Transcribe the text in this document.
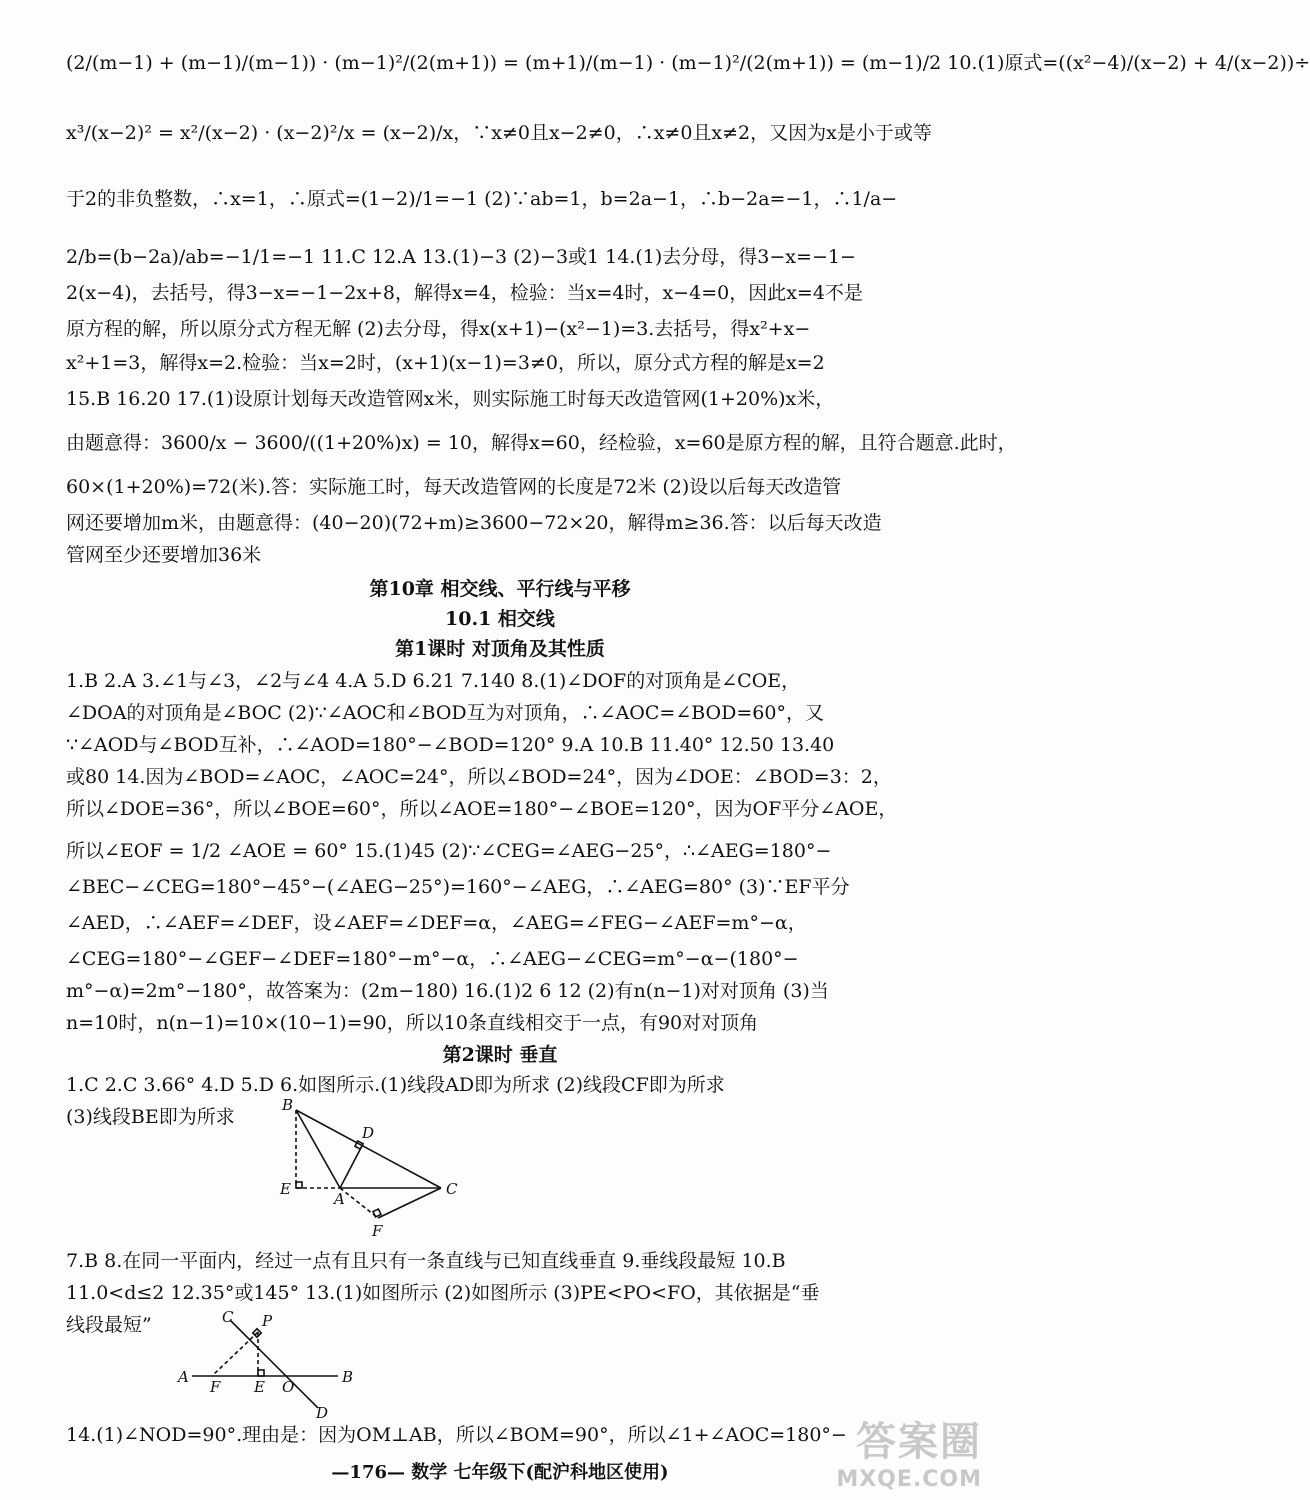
(2/(m−1) + (m−1)/(m−1)) · (m−1)²/(2(m+1)) = (m+1)/(m−1) · (m−1)²/(2(m+1)) = (m−1)/2 10.(1)原式=((x²−4)/(x−2) + 4/(x−2))÷
x³/(x−2)² = x²/(x−2) · (x−2)²/x = (x−2)/x，∵x≠0且x−2≠0，∴x≠0且x≠2，又因为x是小于或等
于2的非负整数，∴x=1，∴原式=(1−2)/1=−1 (2)∵ab=1，b=2a−1，∴b−2a=−1，∴1/a−
2/b=(b−2a)/ab=−1/1=−1 11.C 12.A 13.(1)−3 (2)−3或1 14.(1)去分母，得3−x=−1−
2(x−4)，去括号，得3−x=−1−2x+8，解得x=4，检验：当x=4时，x−4=0，因此x=4不是
原方程的解，所以原分式方程无解 (2)去分母，得x(x+1)−(x²−1)=3.去括号，得x²+x−
x²+1=3，解得x=2.检验：当x=2时，(x+1)(x−1)=3≠0，所以，原分式方程的解是x=2
15.B 16.20 17.(1)设原计划每天改造管网x米，则实际施工时每天改造管网(1+20%)x米，
由题意得：3600/x − 3600/((1+20%)x) = 10，解得x=60，经检验，x=60是原方程的解，且符合题意.此时，
60×(1+20%)=72(米).答：实际施工时，每天改造管网的长度是72米 (2)设以后每天改造管
网还要增加m米，由题意得：(40−20)(72+m)≥3600−72×20，解得m≥36.答：以后每天改造
管网至少还要增加36米
第10章 相交线、平行线与平移
10.1 相交线
第1课时 对顶角及其性质
1.B 2.A 3.∠1与∠3，∠2与∠4 4.A 5.D 6.21 7.140 8.(1)∠DOF的对顶角是∠COE，
∠DOA的对顶角是∠BOC (2)∵∠AOC和∠BOD互为对顶角，∴∠AOC=∠BOD=60°，又
∵∠AOD与∠BOD互补，∴∠AOD=180°−∠BOD=120° 9.A 10.B 11.40° 12.50 13.40
或80 14.因为∠BOD=∠AOC，∠AOC=24°，所以∠BOD=24°，因为∠DOE：∠BOD=3：2，
所以∠DOE=36°，所以∠BOE=60°，所以∠AOE=180°−∠BOE=120°，因为OF平分∠AOE，
所以∠EOF = 1/2 ∠AOE = 60° 15.(1)45 (2)∵∠CEG=∠AEG−25°，∴∠AEG=180°−
∠BEC−∠CEG=180°−45°−(∠AEG−25°)=160°−∠AEG，∴∠AEG=80° (3)∵EF平分
∠AED，∴∠AEF=∠DEF，设∠AEF=∠DEF=α，∠AEG=∠FEG−∠AEF=m°−α，
∠CEG=180°−∠GEF−∠DEF=180°−m°−α，∴∠AEG−∠CEG=m°−α−(180°−
m°−α)=2m°−180°，故答案为：(2m−180) 16.(1)2 6 12 (2)有n(n−1)对对顶角 (3)当
n=10时，n(n−1)=10×(10−1)=90，所以10条直线相交于一点，有90对对顶角
第2课时 垂直
1.C 2.C 3.66° 4.D 5.D 6.如图所示.(1)线段AD即为所求 (2)线段CF即为所求
(3)线段BE即为所求
B
D
E
A
C
F
7.B 8.在同一平面内，经过一点有且只有一条直线与已知直线垂直 9.垂线段最短 10.B
11.0<d≤2 12.35°或145° 13.(1)如图所示 (2)如图所示 (3)PE<PO<FO，其依据是“垂
线段最短”	C P
A
F E O
B
D
14.(1)∠NOD=90°.理由是：因为OM⊥AB，所以∠BOM=90°，所以∠1+∠AOC=180°−
—176— 数学 七年级下(配沪科地区使用)
答案圈
MXQE.COM
